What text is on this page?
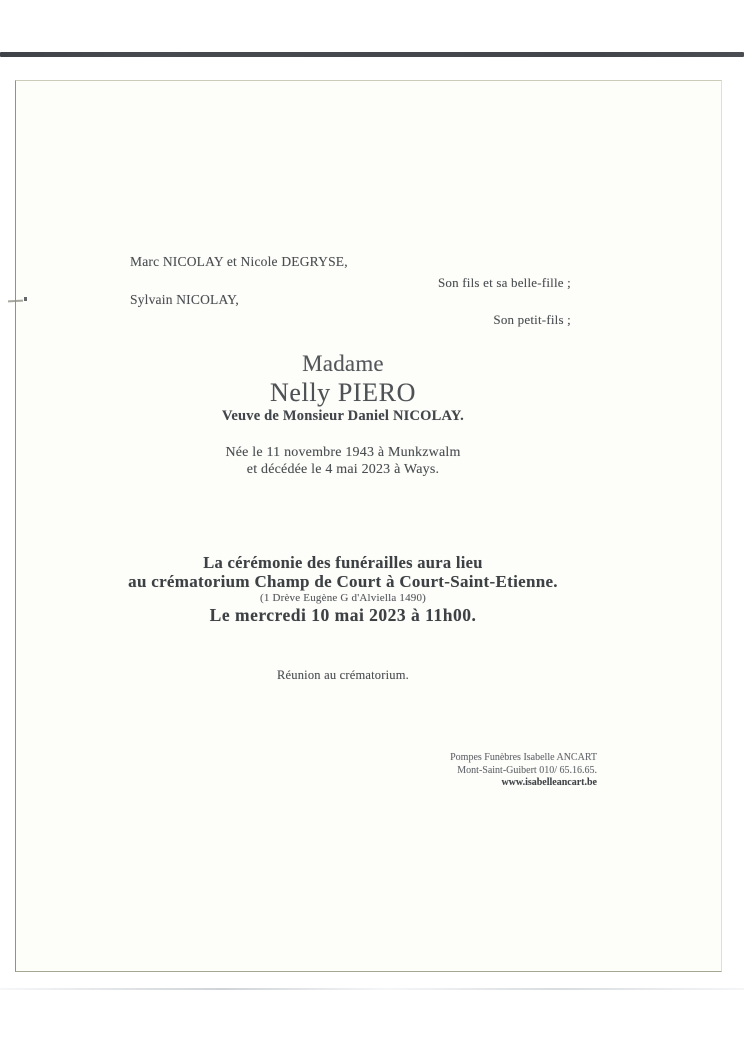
Marc NICOLAY et Nicole DEGRYSE,
Son fils et sa belle-fille ;
Sylvain NICOLAY,
Son petit-fils ;
Madame
Nelly PIERO
Veuve de Monsieur Daniel NICOLAY.
Née le 11 novembre 1943 à Munkzwalm
et décédée le 4 mai 2023 à Ways.
La cérémonie des funérailles aura lieu
au crématorium Champ de Court à Court-Saint-Etienne.
(1 Drève Eugène G d'Alviella 1490)
Le mercredi 10 mai 2023 à 11h00.
Réunion au crématorium.
Pompes Funèbres Isabelle ANCART
Mont-Saint-Guibert 010/ 65.16.65.
www.isabelleancart.be
